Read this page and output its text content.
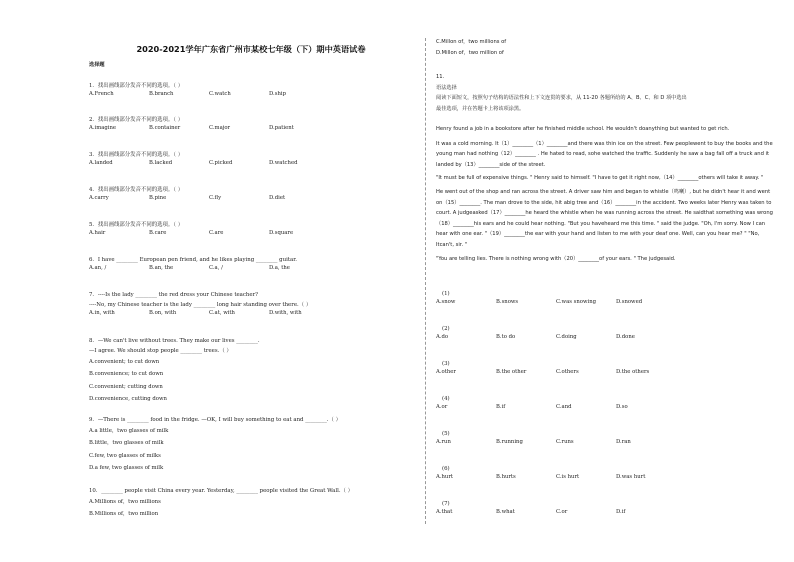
2020-2021学年广东省广州市某校七年级（下）期中英语试卷
选择题
1．找出画线部分发音不同的选项。（ ）
A.French	B.branch	C.watch	D.ship
2．找出画线部分发音不同的选项。（ ）
A.imagine	B.container	C.major	D.patient
3．找出画线部分发音不同的选项。（ ）
A.landed	B.lacked	C.picked	D.watched
4．找出画线部分发音不同的选项。（ ）
A.carry	B.pine	C.fly	D.diet
5．找出画线部分发音不同的选项。（ ）
A.hair	B.care	C.are	D.square
6．I have ________ European pen friend, and he likes playing ________ guitar.
A.an, /	B.an, the	C.a, /	D.a, the
7．----Is the lady ________ the red dress your Chinese teacher?
----No, my Chinese teacher is the lady ________ long hair standing over there.（ ）
A.in, with	B.on, with	C.at, with	D.with, with
8．—We can't live without trees. They make our lives ________.
—I agree. We should stop people ________ trees.（ ）
A.convenient; to cut down
B.convenience; to cut down
C.convenient; cutting down
D.convenience, cutting down
9．—There is ________ food in the fridge. —OK, I will buy something to eat and ________.（ ）
A.a little，two glasses of milk
B.little，two glasses of milk
C.few, two glasses of milks
D.a few, two glasses of milk
10．________ people visit China every year. Yesterday, ________ people visited the Great Wall.（ ）
A.Millions of，two millions
B.Millions of，two million
C.Millon of，two millions of
D.Millon of，two million of
11.
语法选择
阅读下面短文，按照句子结构的语法性和上下文连贯的要求，从 11-20 各题所给的 A、B、C、和 D 项中选出
最佳选项，并在答题卡上将该项涂黑。

Henry found a job in a bookstore after he finished middle school. He wouldn't doanything but wanted to get rich.

It was a cold morning. It（1）________（1）________and there was thin ice on the street. Few peoplewent to buy the books and the young man had nothing（12）________ . He hated to read, sohe watched the traffic. Suddenly he saw a bag fall off a truck and it landed by（13）________side of the street.

"It must be full of expensive things. " Henry said to himself. "I have to get it right now,（14）________others will take it away. "

He went out of the shop and ran across the street. A driver saw him and began to whistle（鸣喇）, but he didn't hear it and went on（15）________. The man drove to the side, hit abig tree and（16）________in the accident. Two weeks later Henry was taken to court. A judgeasked（17）________he heard the whistle when he was running across the street. He saidthat something was wrong（18）________his ears and he could hear nothing. "But you haveheard me this time. " said the judge. "Oh, I'm sorry. Now I can hear with one ear. "（19）________the ear with your hand and listen to me with your deaf one. Well, can you hear me? " "No, Itcan't, sir. "

"You are telling lies. There is nothing wrong with（20）________of your ears. " The judgesaid.

(1)
A.snow	B.snows	C.was snowing	D.snowed
(2)
A.do	B.to do	C.doing	D.done
(3)
A.other	B.the other	C.others	D.the others
(4)
A.or	B.if	C.and	D.so
(5)
A.run	B.running	C.runs	D.ran
(6)
A.hurt	B.hurts	C.is hurt	D.was hurt
(7)
A.that	B.what	C.or	D.if
